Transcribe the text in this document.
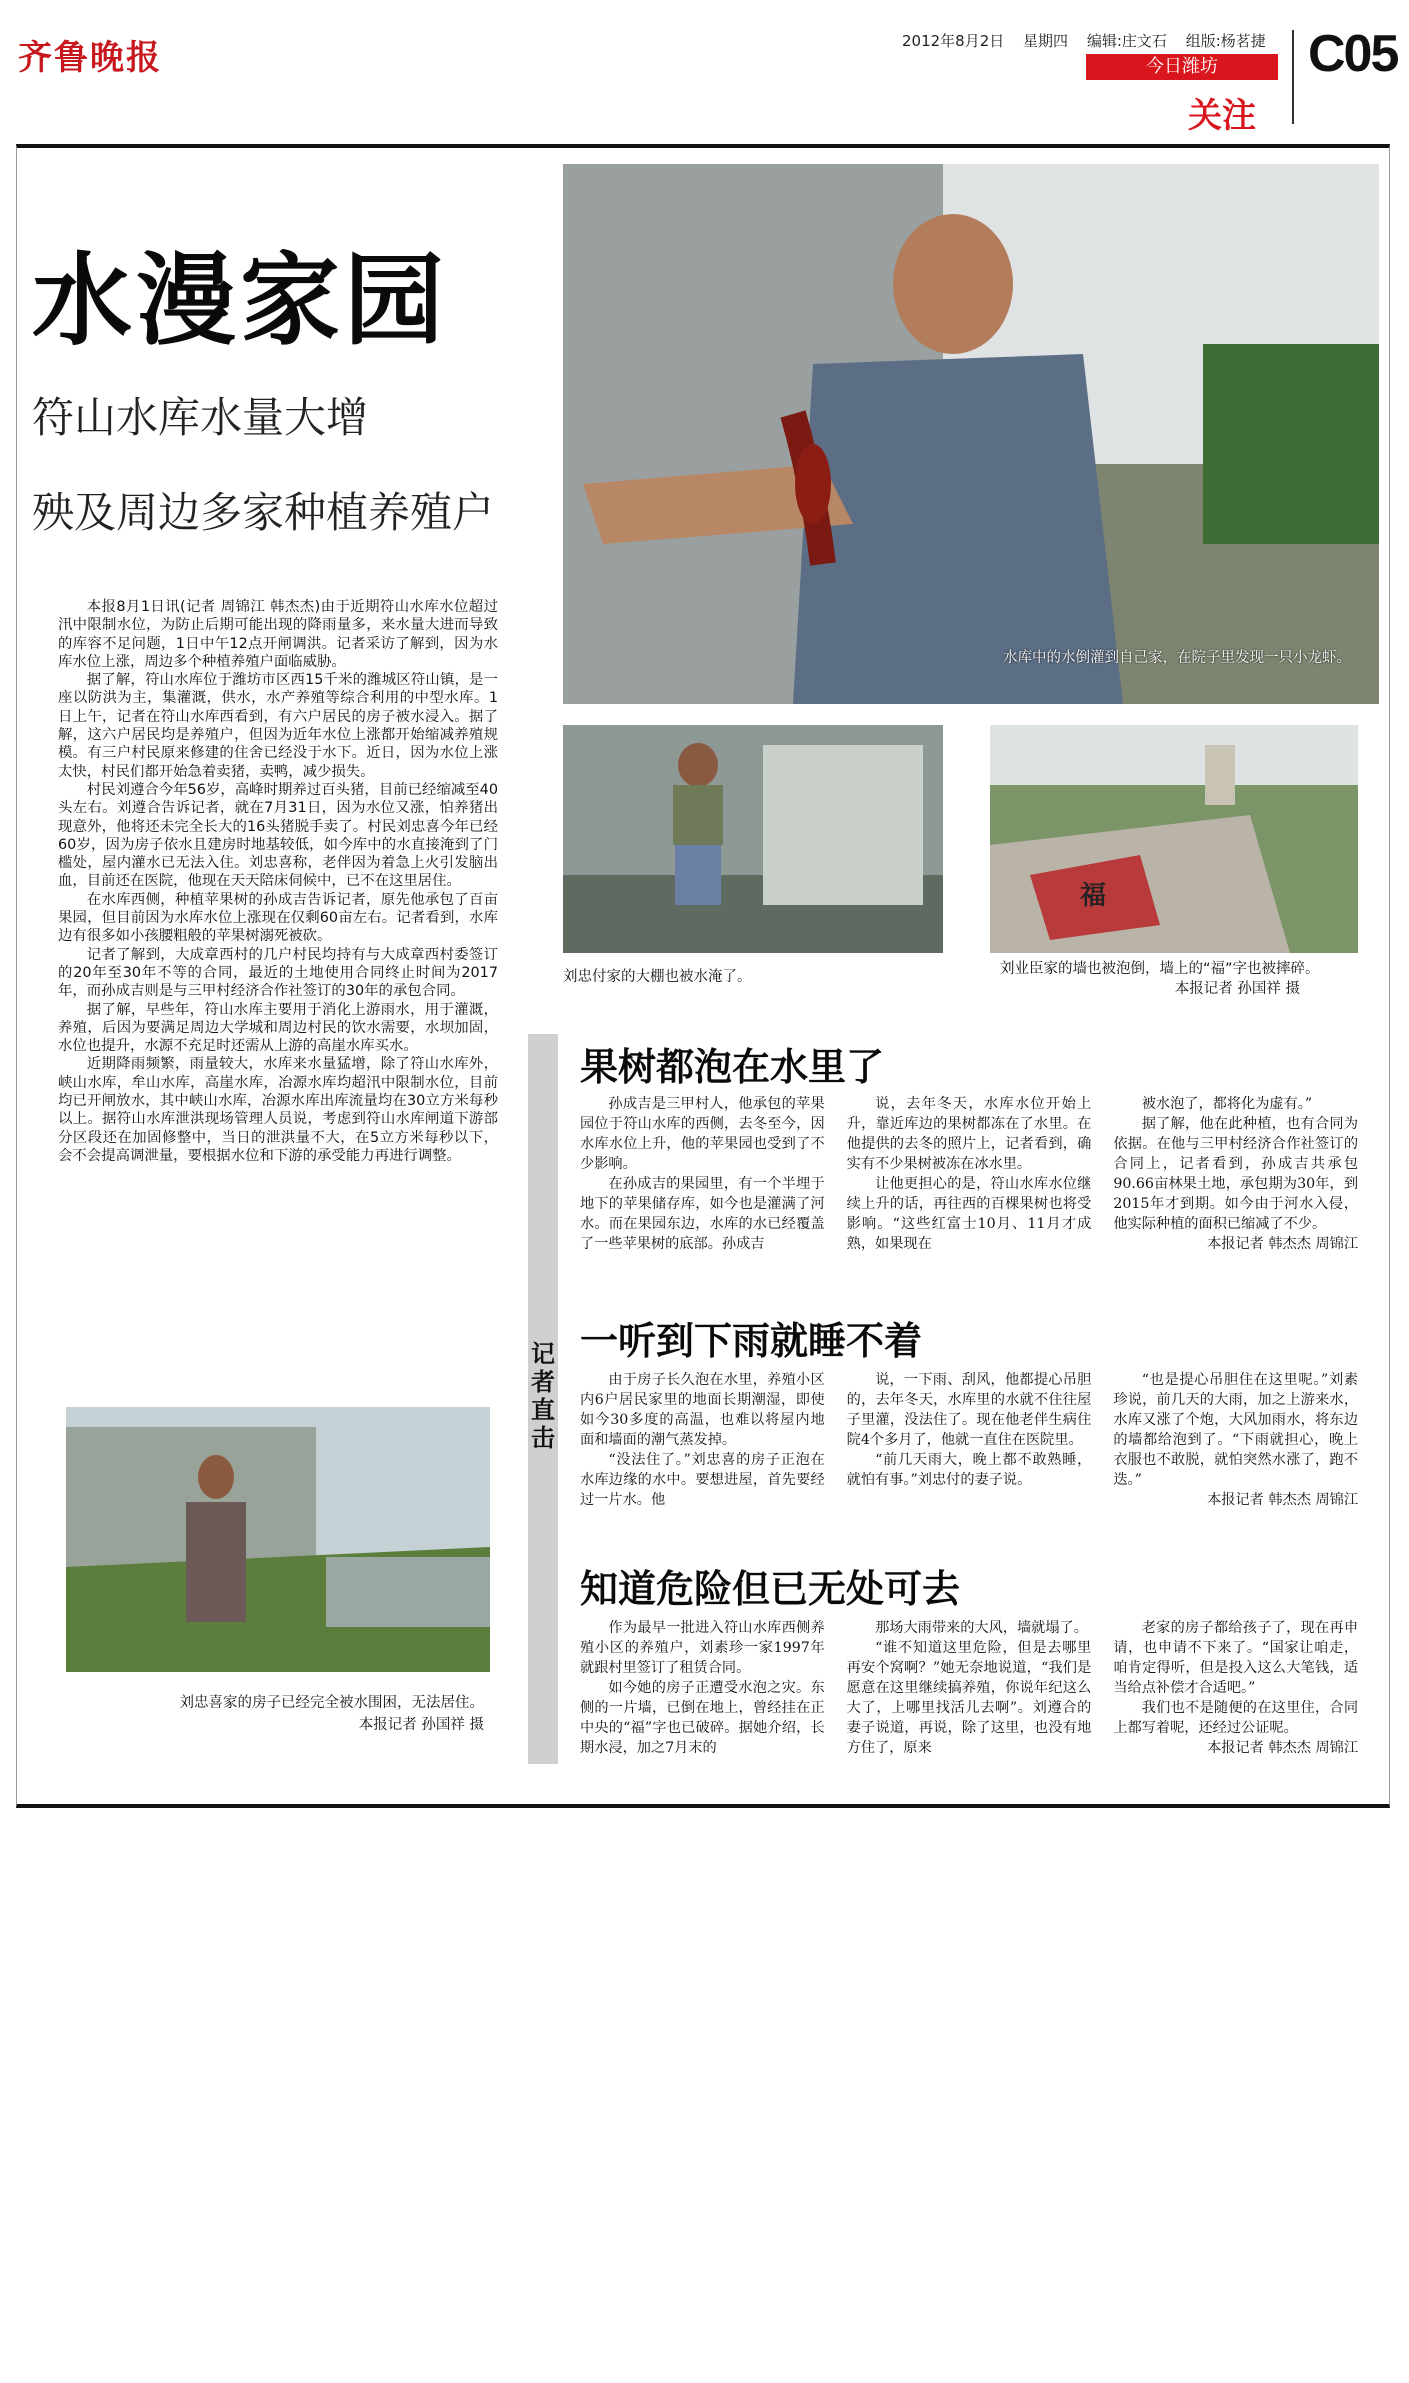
齐鲁晚报	2012年8月2日 星期四 编辑:庄文石 组版:杨茗捷
今日潍坊
关注
C05
水漫家园
符山水库水量大增
殃及周边多家种植养殖户

本报8月1日讯(记者 周锦江 韩杰杰)由于近期符山水库水位超过汛中限制水位，为防止后期可能出现的降雨量多，来水量大进而导致的库容不足问题，1日中午12点开闸调洪。记者采访了解到，因为水库水位上涨，周边多个种植养殖户面临威胁。

据了解，符山水库位于潍坊市区西15千米的潍城区符山镇，是一座以防洪为主，集灌溉，供水，水产养殖等综合利用的中型水库。1日上午，记者在符山水库西看到，有六户居民的房子被水浸入。据了解，这六户居民均是养殖户，但因为近年水位上涨都开始缩减养殖规模。有三户村民原来修建的住舍已经没于水下。近日，因为水位上涨太快，村民们都开始急着卖猪，卖鸭，减少损失。

村民刘遵合今年56岁，高峰时期养过百头猪，目前已经缩减至40头左右。刘遵合告诉记者，就在7月31日，因为水位又涨，怕养猪出现意外，他将还未完全长大的16头猪脱手卖了。村民刘忠喜今年已经60岁，因为房子依水且建房时地基较低，如今库中的水直接淹到了门槛处，屋内灌水已无法入住。刘忠喜称，老伴因为着急上火引发脑出血，目前还在医院，他现在天天陪床伺候中，已不在这里居住。

在水库西侧，种植苹果树的孙成吉告诉记者，原先他承包了百亩果园，但目前因为水库水位上涨现在仅剩60亩左右。记者看到，水库边有很多如小孩腰粗般的苹果树溺死被砍。

记者了解到，大成章西村的几户村民均持有与大成章西村委签订的20年至30年不等的合同，最近的土地使用合同终止时间为2017年，而孙成吉则是与三甲村经济合作社签订的30年的承包合同。

据了解，早些年，符山水库主要用于消化上游雨水，用于灌溉，养殖，后因为要满足周边大学城和周边村民的饮水需要，水坝加固，水位也提升，水源不充足时还需从上游的高崖水库买水。

近期降雨频繁，雨量较大，水库来水量猛增，除了符山水库外，峡山水库，牟山水库，高崖水库，冶源水库均超汛中限制水位，目前均已开闸放水，其中峡山水库，冶源水库出库流量均在30立方米每秒以上。据符山水库泄洪现场管理人员说，考虑到符山水库闸道下游部分区段还在加固修整中，当日的泄洪量不大，在5立方米每秒以下，会不会提高调泄量，要根据水位和下游的承受能力再进行调整。

水库中的水倒灌到自己家，在院子里发现一只小龙虾。
福
刘忠付家的大棚也被水淹了。	刘业臣家的墙也被泡倒，墙上的“福”字也被摔碎。
本报记者 孙国祥 摄
刘忠喜家的房子已经完全被水围困，无法居住。
本报记者 孙国祥 摄
记者直击
果树都泡在水里了

孙成吉是三甲村人，他承包的苹果园位于符山水库的西侧，去冬至今，因水库水位上升，他的苹果园也受到了不少影响。

在孙成吉的果园里，有一个半埋于地下的苹果储存库，如今也是灌满了河水。而在果园东边，水库的水已经覆盖了一些苹果树的底部。孙成吉

说，去年冬天，水库水位开始上升，靠近库边的果树都冻在了水里。在他提供的去冬的照片上，记者看到，确实有不少果树被冻在冰水里。

让他更担心的是，符山水库水位继续上升的话，再往西的百棵果树也将受影响。“这些红富士10月、11月才成熟，如果现在

被水泡了，都将化为虚有。”

据了解，他在此种植，也有合同为依据。在他与三甲村经济合作社签订的合同上，记者看到，孙成吉共承包90.66亩林果土地，承包期为30年，到2015年才到期。如今由于河水入侵，他实际种植的面积已缩减了不少。

本报记者 韩杰杰 周锦江
一听到下雨就睡不着

由于房子长久泡在水里，养殖小区内6户居民家里的地面长期潮湿，即使如今30多度的高温，也难以将屋内地面和墙面的潮气蒸发掉。

“没法住了。”刘忠喜的房子正泡在水库边缘的水中。要想进屋，首先要经过一片水。他

说，一下雨、刮风，他都提心吊胆的，去年冬天，水库里的水就不住往屋子里灌，没法住了。现在他老伴生病住院4个多月了，他就一直住在医院里。

“前几天雨大，晚上都不敢熟睡，就怕有事。”刘忠付的妻子说。

“也是提心吊胆住在这里呢。”刘素珍说，前几天的大雨，加之上游来水，水库又涨了个炮，大风加雨水，将东边的墙都给泡到了。“下雨就担心，晚上衣服也不敢脱，就怕突然水涨了，跑不迭。”

本报记者 韩杰杰 周锦江
知道危险但已无处可去

作为最早一批进入符山水库西侧养殖小区的养殖户，刘素珍一家1997年就跟村里签订了租赁合同。

如今她的房子正遭受水泡之灾。东侧的一片墙，已倒在地上，曾经挂在正中央的“福”字也已破碎。据她介绍，长期水浸，加之7月末的

那场大雨带来的大风，墙就塌了。

“谁不知道这里危险，但是去哪里再安个窝啊？”她无奈地说道，“我们是愿意在这里继续搞养殖，你说年纪这么大了，上哪里找活儿去啊”。刘遵合的妻子说道，再说，除了这里，也没有地方住了，原来

老家的房子都给孩子了，现在再申请，也申请不下来了。“国家让咱走，咱肯定得听，但是投入这么大笔钱，适当给点补偿才合适吧。”

我们也不是随便的在这里住，合同上都写着呢，还经过公证呢。

本报记者 韩杰杰 周锦江
